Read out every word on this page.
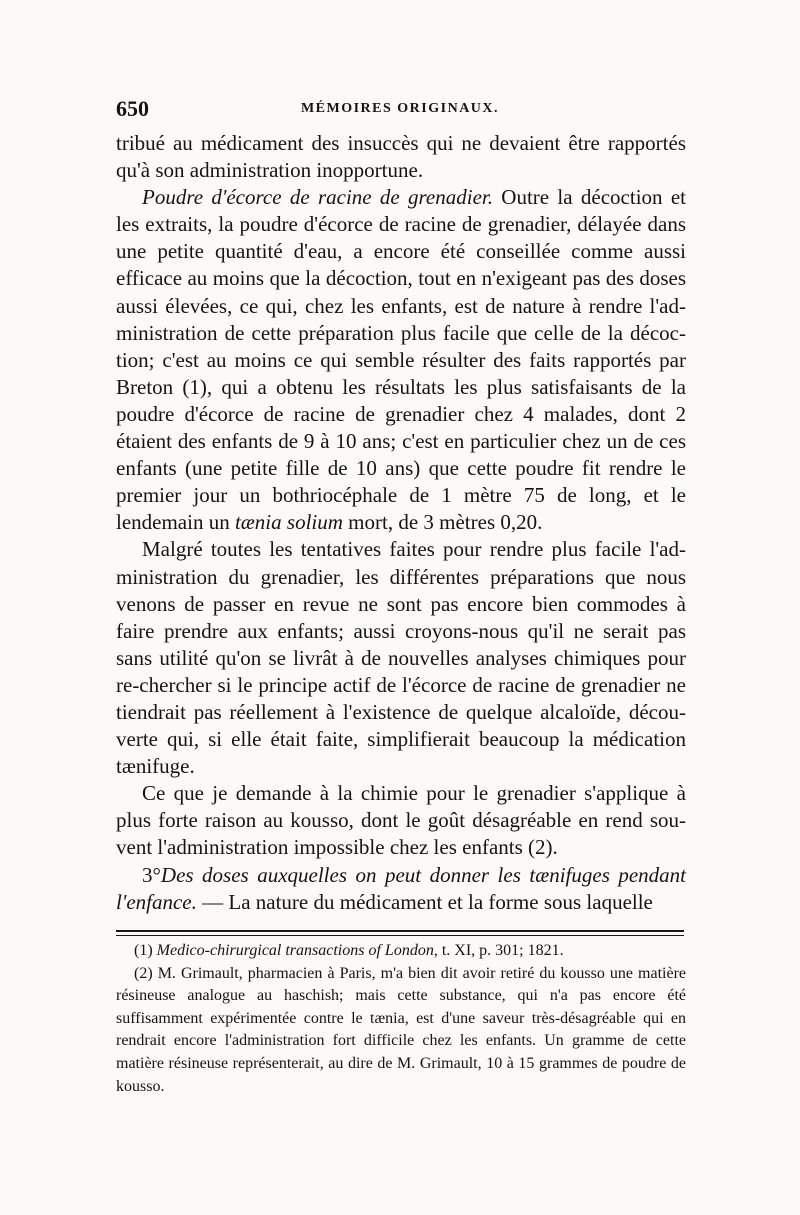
650	MÉMOIRES ORIGINAUX.

tribué au médicament des insuccès qui ne devaient être rapportés qu'à son administration inopportune.

Poudre d'écorce de racine de grenadier. Outre la décoction et les extraits, la poudre d'écorce de racine de grenadier, délayée dans une petite quantité d'eau, a encore été conseillée comme aussi efficace au moins que la décoction, tout en n'exigeant pas des doses aussi élevées, ce qui, chez les enfants, est de nature à rendre l'ad-ministration de cette préparation plus facile que celle de la décoc-tion; c'est au moins ce qui semble résulter des faits rapportés par Breton (1), qui a obtenu les résultats les plus satisfaisants de la poudre d'écorce de racine de grenadier chez 4 malades, dont 2 étaient des enfants de 9 à 10 ans; c'est en particulier chez un de ces enfants (une petite fille de 10 ans) que cette poudre fit rendre le premier jour un bothriocéphale de 1 mètre 75 de long, et le lendemain un tænia solium mort, de 3 mètres 0,20.

Malgré toutes les tentatives faites pour rendre plus facile l'ad-ministration du grenadier, les différentes préparations que nous venons de passer en revue ne sont pas encore bien commodes à faire prendre aux enfants; aussi croyons-nous qu'il ne serait pas sans utilité qu'on se livrât à de nouvelles analyses chimiques pour re-chercher si le principe actif de l'écorce de racine de grenadier ne tiendrait pas réellement à l'existence de quelque alcaloïde, décou-verte qui, si elle était faite, simplifierait beaucoup la médication tænifuge.

Ce que je demande à la chimie pour le grenadier s'applique à plus forte raison au kousso, dont le goût désagréable en rend sou-vent l'administration impossible chez les enfants (2).

3°Des doses auxquelles on peut donner les tænifuges pendant l'enfance. — La nature du médicament et la forme sous laquelle

(1) Medico-chirurgical transactions of London, t. XI, p. 301; 1821.

(2) M. Grimault, pharmacien à Paris, m'a bien dit avoir retiré du kousso une matière résineuse analogue au haschish; mais cette substance, qui n'a pas encore été suffisamment expérimentée contre le tænia, est d'une saveur très-désagréable qui en rendrait encore l'administration fort difficile chez les enfants. Un gramme de cette matière résineuse représenterait, au dire de M. Grimault, 10 à 15 grammes de poudre de kousso.
